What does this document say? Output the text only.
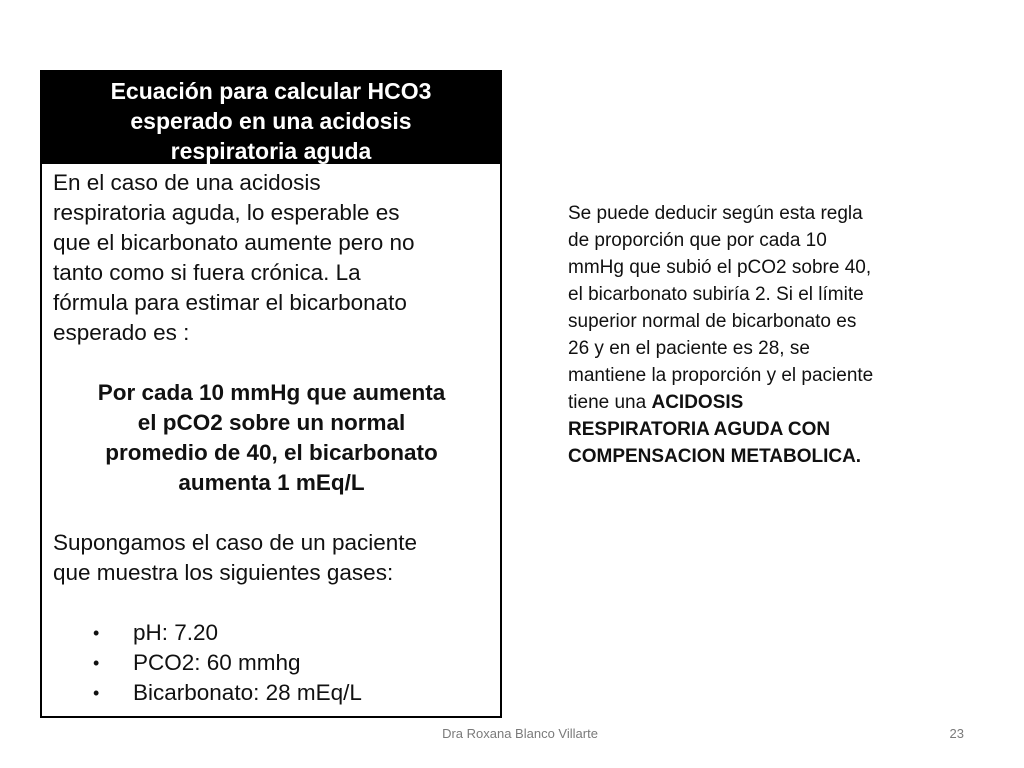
Ecuación para calcular HCO3
esperado en una acidosis
respiratoria aguda

En el caso de una acidosis
respiratoria aguda, lo esperable es
que el bicarbonato aumente pero no
tanto como si fuera crónica. La
fórmula para estimar el bicarbonato
esperado es :

Por cada 10 mmHg que aumenta
el pCO2 sobre un normal
promedio de 40, el bicarbonato
aumenta 1 mEq/L

Supongamos el caso de un paciente
que muestra los siguientes gases:

• pH: 7.20
• PCO2: 60 mmhg
• Bicarbonato: 28 mEq/L
Se puede deducir según esta regla
de proporción que por cada 10
mmHg que subió el pCO2 sobre 40,
el bicarbonato subiría 2. Si el límite
superior normal de bicarbonato es
26 y en el paciente es 28, se
mantiene la proporción y el paciente
tiene una ACIDOSIS
RESPIRATORIA AGUDA CON
COMPENSACION METABOLICA.
Dra Roxana Blanco Villarte	23
